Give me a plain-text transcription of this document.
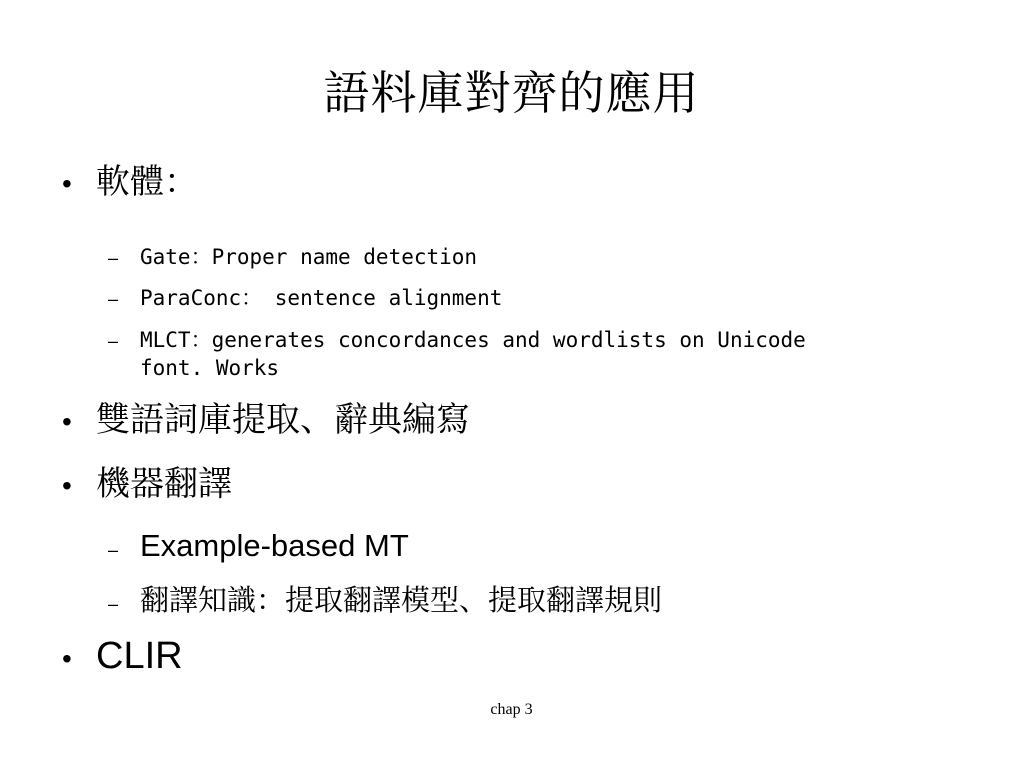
語料庫對齊的應用
• 軟體：
– Gate：Proper name detection
– ParaConc： sentence alignment
– MLCT：generates concordances and wordlists on Unicode
font. Works
• 雙語詞庫提取、辭典編寫
• 機器翻譯
– Example-based MT
– 翻譯知識：提取翻譯模型、提取翻譯規則
• CLIR
chap 3
